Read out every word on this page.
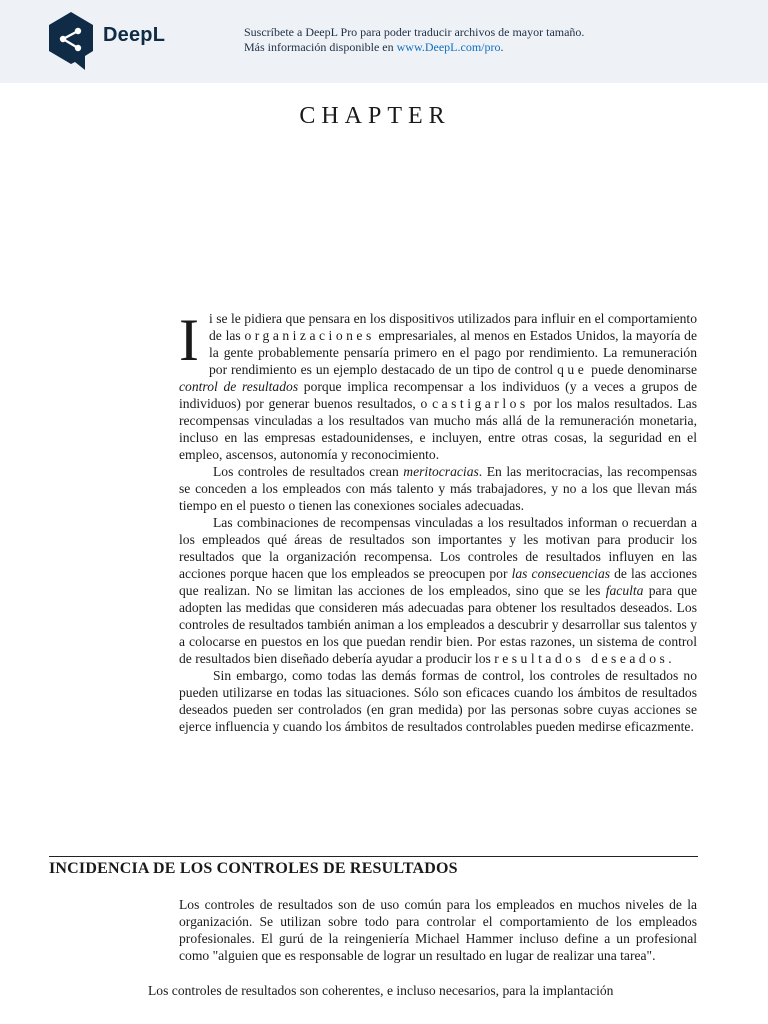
DeepL	Suscríbete a DeepL Pro para poder traducir archivos de mayor tamaño.
Más información disponible en www.DeepL.com/pro.
CHAPTER

Ii se le pidiera que pensara en los dispositivos utilizados para influir en el comportamiento de las organizaciones empresariales, al menos en Estados Unidos, la mayoría de la gente probablemente pensaría primero en el pago por rendimiento. La remuneración por rendimiento es un ejemplo destacado de un tipo de control que puede denominarse control de resultados porque implica recompensar a los individuos (y a veces a grupos de individuos) por generar buenos resultados, o castigarlos por los malos resultados. Las recompensas vinculadas a los resultados van mucho más allá de la remuneración monetaria, incluso en las empresas estadounidenses, e incluyen, entre otras cosas, la seguridad en el empleo, ascensos, autonomía y reconocimiento.

Los controles de resultados crean meritocracias. En las meritocracias, las recompensas se conceden a los empleados con más talento y más trabajadores, y no a los que llevan más tiempo en el puesto o tienen las conexiones sociales adecuadas.

Las combinaciones de recompensas vinculadas a los resultados informan o recuerdan a los empleados qué áreas de resultados son importantes y les motivan para producir los resultados que la organización recompensa. Los controles de resultados influyen en las acciones porque hacen que los empleados se preocupen por las consecuencias de las acciones que realizan. No se limitan las acciones de los empleados, sino que se les faculta para que adopten las medidas que consideren más adecuadas para obtener los resultados deseados. Los controles de resultados también animan a los empleados a descubrir y desarrollar sus talentos y a colocarse en puestos en los que puedan rendir bien. Por estas razones, un sistema de control de resultados bien diseñado debería ayudar a producir los resultados deseados.

Sin embargo, como todas las demás formas de control, los controles de resultados no pueden utilizarse en todas las situaciones. Sólo son eficaces cuando los ámbitos de resultados deseados pueden ser controlados (en gran medida) por las personas sobre cuyas acciones se ejerce influencia y cuando los ámbitos de resultados controlables pueden medirse eficazmente.

INCIDENCIA DE LOS CONTROLES DE RESULTADOS

Los controles de resultados son de uso común para los empleados en muchos niveles de la organización. Se utilizan sobre todo para controlar el comportamiento de los empleados profesionales. El gurú de la reingeniería Michael Hammer incluso define a un profesional como "alguien que es responsable de lograr un resultado en lugar de realizar una tarea".

Los controles de resultados son coherentes, e incluso necesarios, para la implantación
